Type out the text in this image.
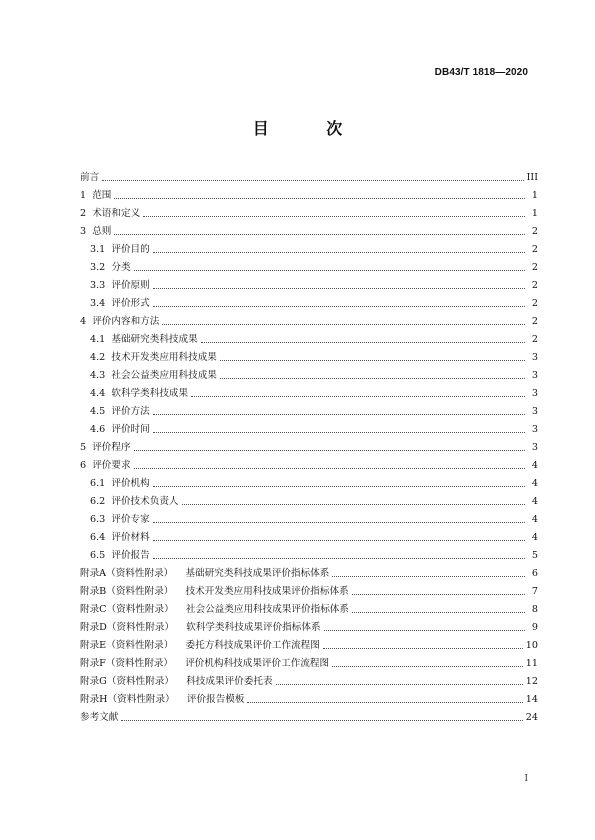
DB43/T 1818—2020
目 次
前言	III
1  范围	1
2  术语和定义	1
3  总则	2
3.1  评价目的	2
3.2  分类	2
3.3  评价原则	2
3.4  评价形式	2
4  评价内容和方法	2
4.1  基础研究类科技成果	2
4.2  技术开发类应用科技成果	3
4.3  社会公益类应用科技成果	3
4.4  软科学类科技成果	3
4.5  评价方法	3
4.6  评价时间	3
5  评价程序	3
6  评价要求	4
6.1  评价机构	4
6.2  评价技术负责人	4
6.3  评价专家	4
6.4  评价材料	4
6.5  评价报告	5
附录A（资料性附录）    基础研究类科技成果评价指标体系	6
附录B（资料性附录）    技术开发类应用科技成果评价指标体系	7
附录C（资料性附录）    社会公益类应用科技成果评价指标体系	8
附录D（资料性附录）    软科学类科技成果评价指标体系	9
附录E（资料性附录）    委托方科技成果评价工作流程图	10
附录F（资料性附录）    评价机构科技成果评价工作流程图	11
附录G（资料性附录）    科技成果评价委托表	12
附录H（资料性附录）    评价报告模板	14
参考文献	24
I
